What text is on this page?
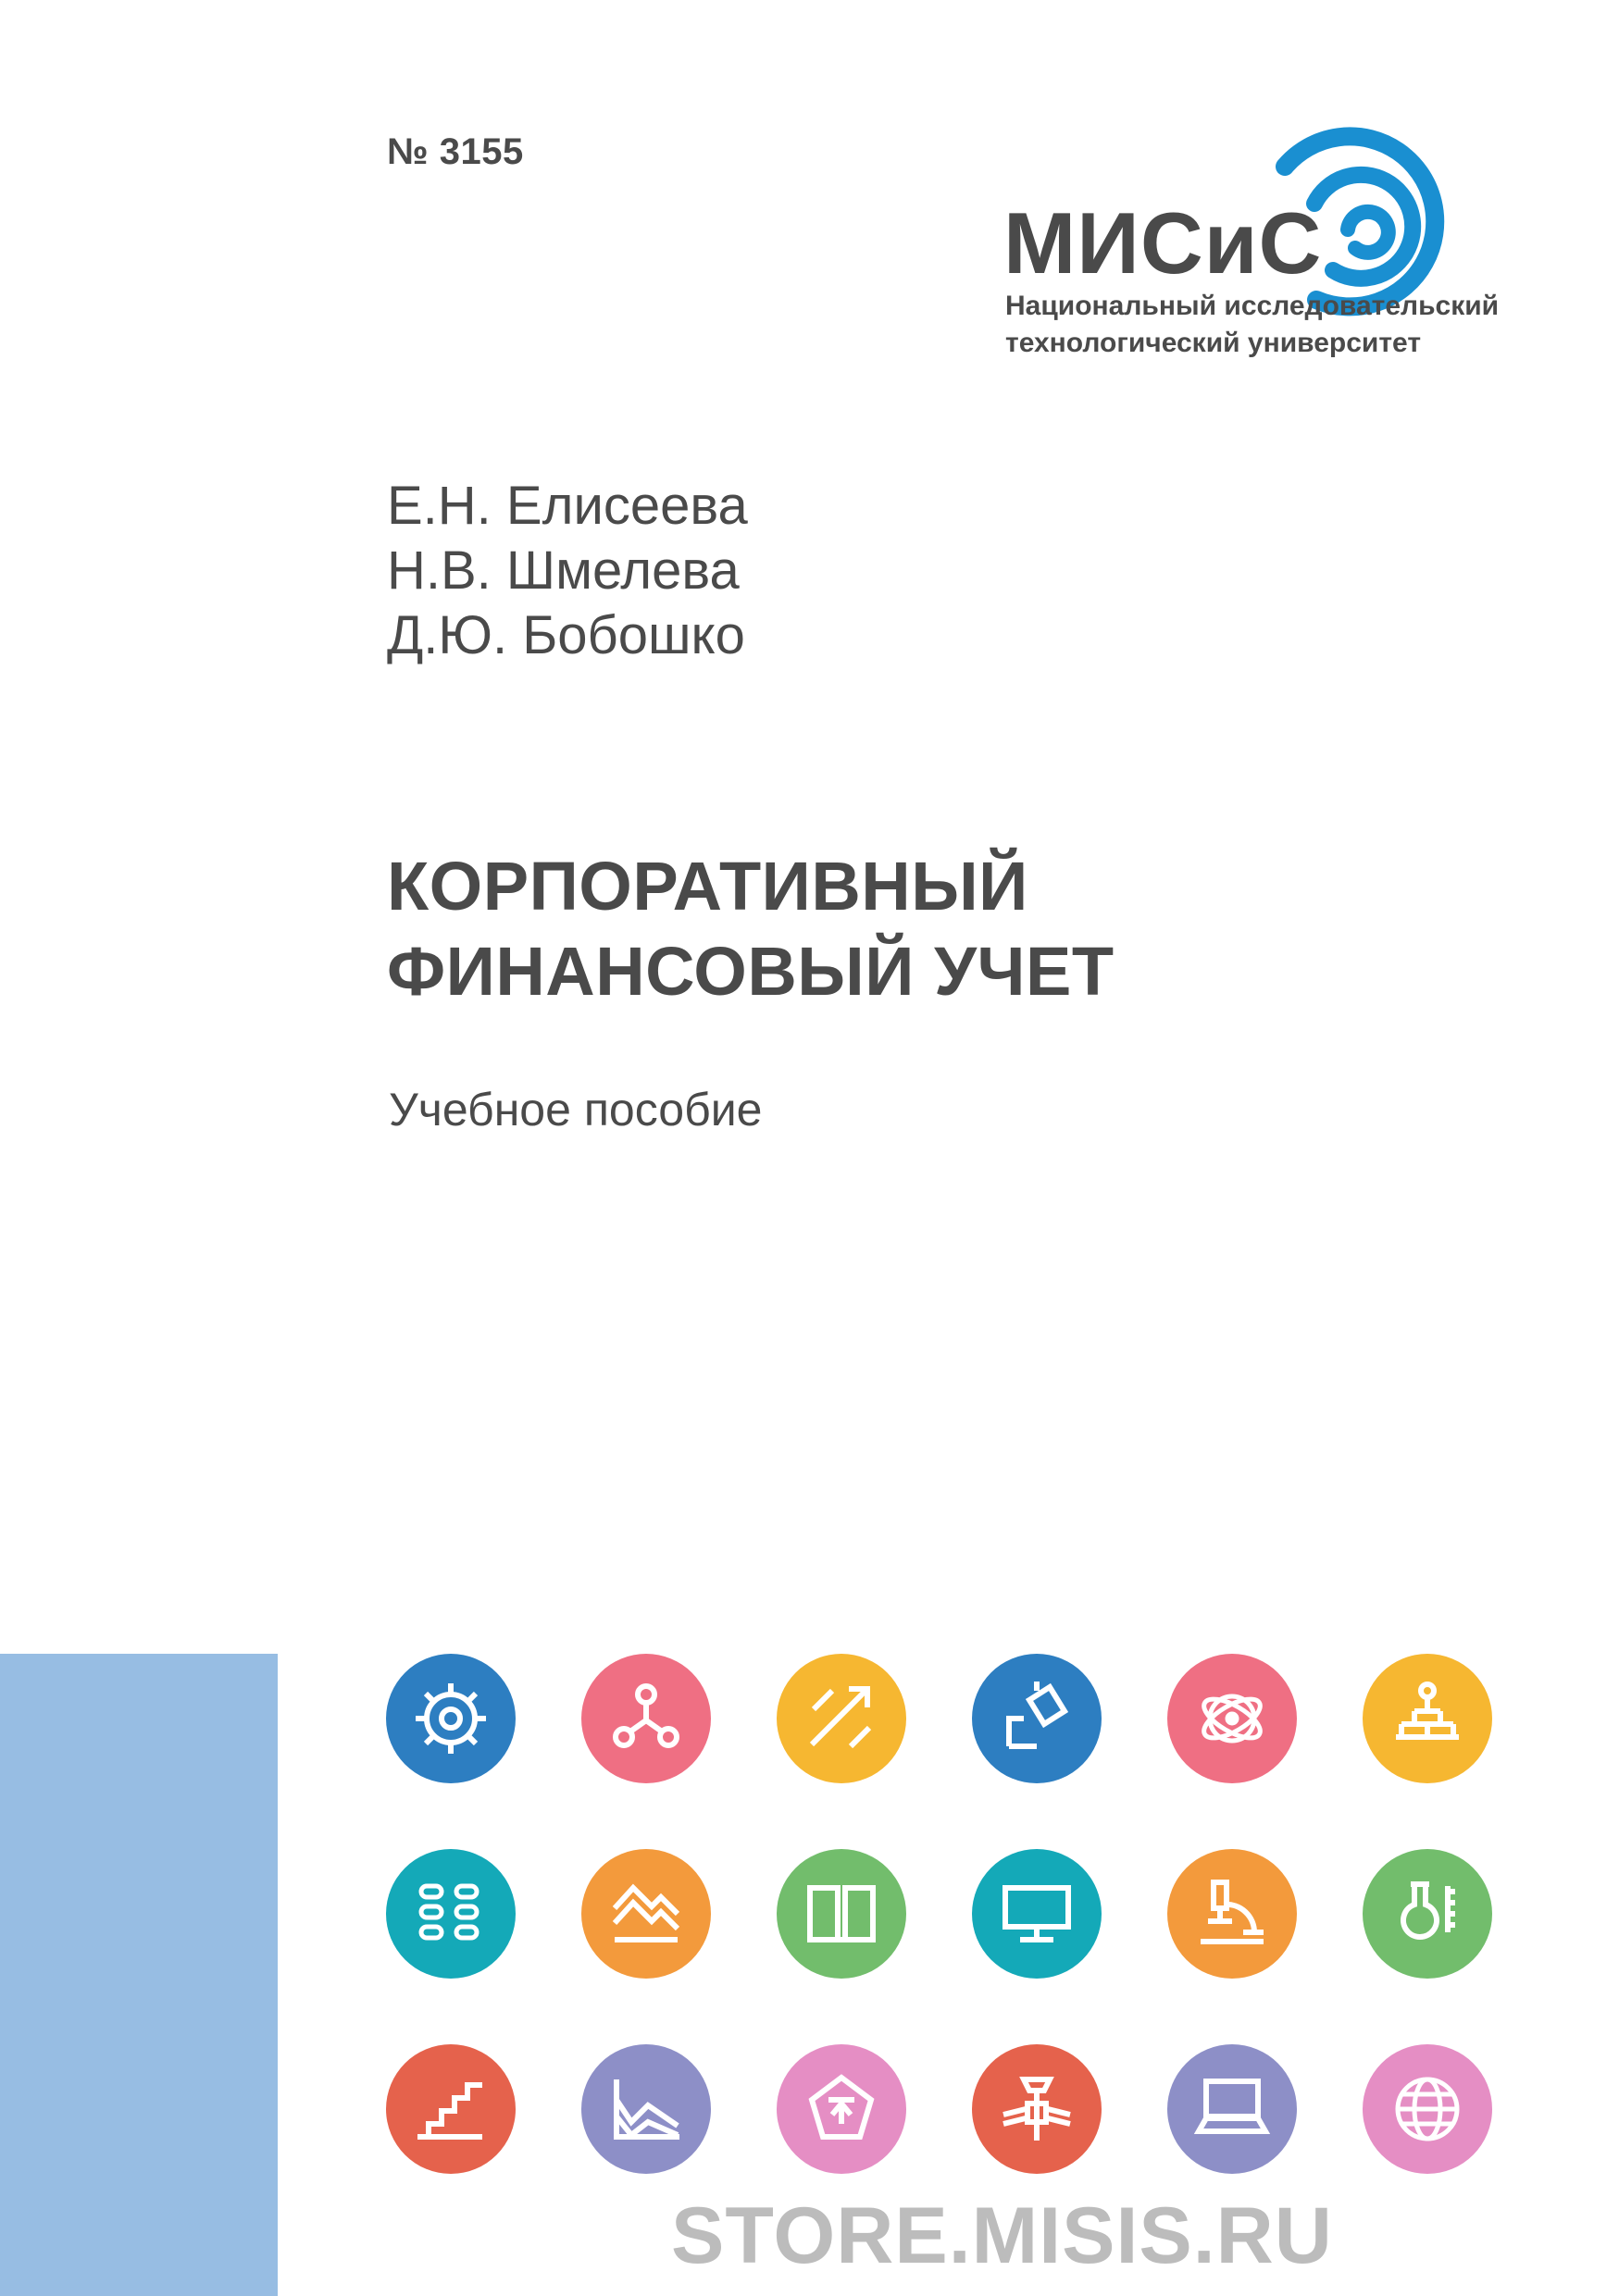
№ 3155
МИСиС
Национальный исследовательский
технологический университет
Е.Н. Елисеева
Н.В. Шмелева
Д.Ю. Бобошко
КОРПОРАТИВНЫЙ
ФИНАНСОВЫЙ УЧЕТ
Учебное пособие
STORE.MISIS.RU
